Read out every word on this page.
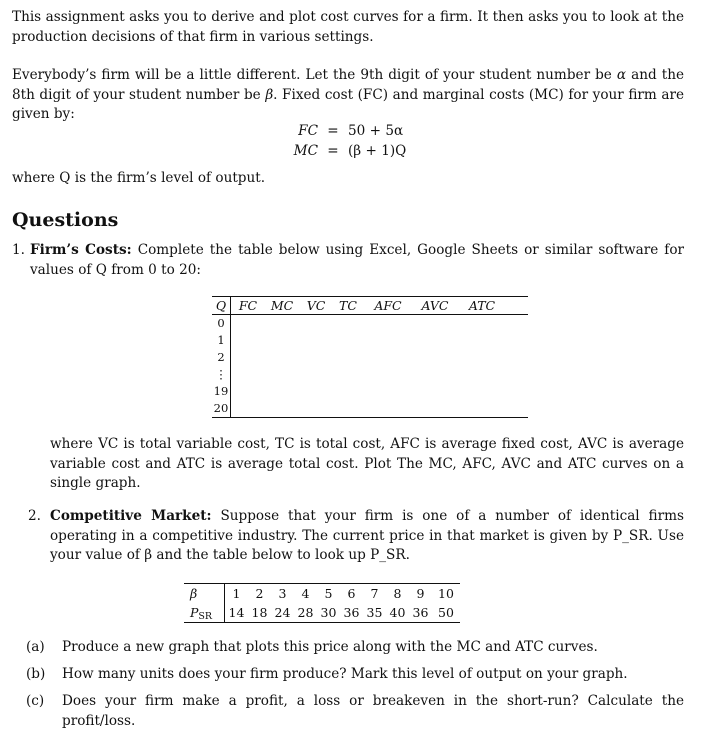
This assignment asks you to derive and plot cost curves for a firm. It then asks you to look at the production decisions of that firm in various settings.

Everybody’s firm will be a little different. Let the 9th digit of your student number be α and the 8th digit of your student number be β. Fixed cost (FC) and marginal costs (MC) for your firm are given by:

FC = 50 + 5α
MC = (β + 1)Q

where Q is the firm’s level of output.

Questions
1. Firm’s Costs: Complete the table below using Excel, Google Sheets or similar software for values of Q from 0 to 20:
Q	FC	MC	VC	TC	AFC	AVC	ATC
0
1
2
⋮
19
20

where VC is total variable cost, TC is total cost, AFC is average fixed cost, AVC is average variable cost and ATC is average total cost. Plot The MC, AFC, AVC and ATC curves on a single graph.

2. Competitive Market: Suppose that your firm is one of a number of identical firms operating in a competitive industry. The current price in that market is given by P_SR. Use your value of β and the table below to look up P_SR.
β	1	2	3	4	5	6	7	8	9	10
$P_{SR}$	14 18 24 28 30 36 35 40 36 50
(a) Produce a new graph that plots this price along with the MC and ATC curves.
(b) How many units does your firm produce? Mark this level of output on your graph.
(c) Does your firm make a profit, a loss or breakeven in the short-run? Calculate the profit/loss.
